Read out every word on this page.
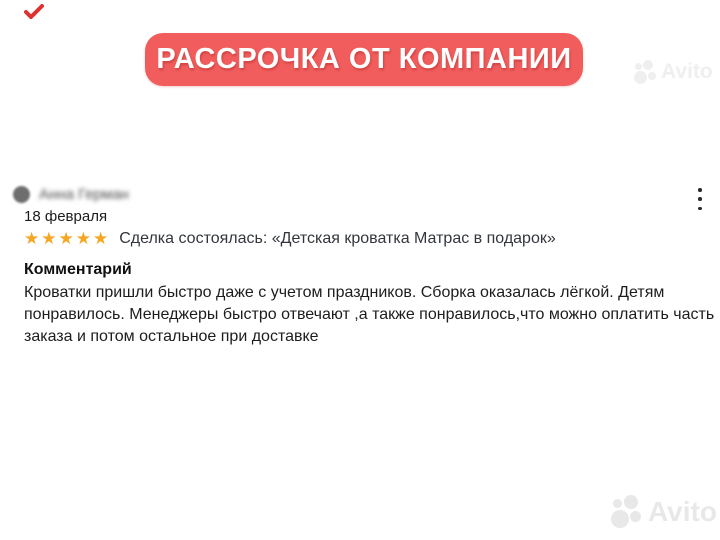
РАССРОЧКА ОТ КОМПАНИИ	Avito
Анна Герман
18 февраля
★★★★★ Сделка состоялась: «Детская кроватка Матрас в подарок»
Комментарий
Кроватки пришли быстро даже с учетом праздников. Сборка оказалась лёгкой. Детям
понравилось. Менеджеры быстро отвечают ,а также понравилось,что можно оплатить часть
заказа и потом остальное при доставке
Avito
